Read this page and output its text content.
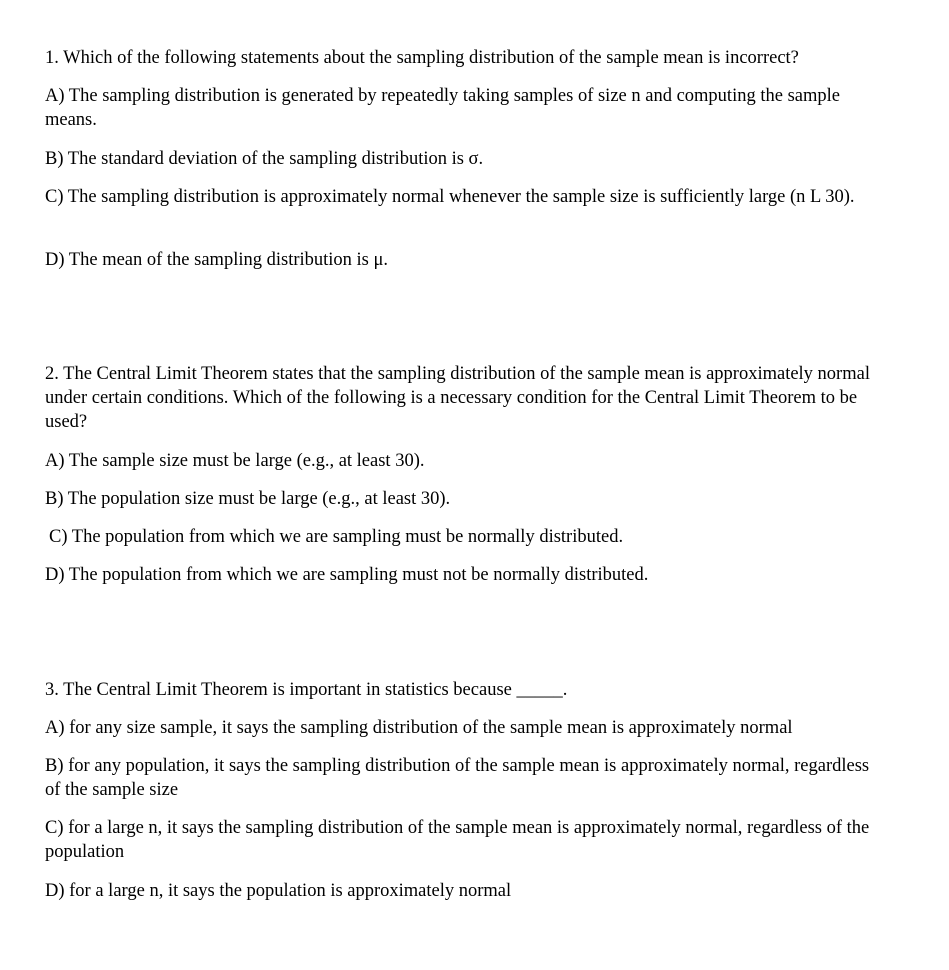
1. Which of the following statements about the sampling distribution of the sample mean is incorrect?
A) The sampling distribution is generated by repeatedly taking samples of size n and computing the sample means.
B) The standard deviation of the sampling distribution is σ.
C) The sampling distribution is approximately normal whenever the sample size is sufficiently large (n L 30).
D) The mean of the sampling distribution is μ.
2. The Central Limit Theorem states that the sampling distribution of the sample mean is approximately normal under certain conditions. Which of the following is a necessary condition for the Central Limit Theorem to be used?
A) The sample size must be large (e.g., at least 30).
B) The population size must be large (e.g., at least 30).
C) The population from which we are sampling must be normally distributed.
D) The population from which we are sampling must not be normally distributed.
3. The Central Limit Theorem is important in statistics because _____.
A) for any size sample, it says the sampling distribution of the sample mean is approximately normal
B) for any population, it says the sampling distribution of the sample mean is approximately normal, regardless of the sample size
C) for a large n, it says the sampling distribution of the sample mean is approximately normal, regardless of the population
D) for a large n, it says the population is approximately normal
